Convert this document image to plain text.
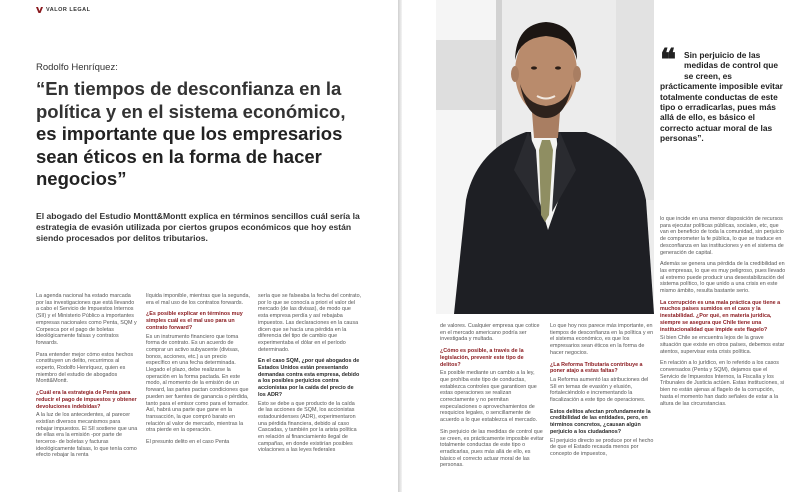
VALOR LEGAL
Rodolfo Henríquez:
“En tiempos de desconfianza en la política y en el sistema económico, es importante que los empresarios sean éticos en la forma de hacer negocios”

El abogado del Estudio Montt&Montt explica en términos sencillos cuál sería la estrategia de evasión utilizada por ciertos grupos económicos que hoy están siendo procesados por delitos tributarios.

La agenda nacional ha estado marcada por las investigaciones que está llevando a cabo el Servicio de Impuestos Internos (SII) y el Ministerio Público a importantes empresas nacionales como Penta, SQM y Corpesca por el pago de boletas ideológicamente falsas y contratos forwards.

Para entender mejor cómo estos hechos constituyen un delito, recurrimos al experto, Rodolfo Henríquez, quien es miembro del estudio de abogados Montt&Montt.

¿Cuál era la estrategia de Penta para reducir el pago de impuestos y obtener devoluciones indebidas?

A la luz de los antecedentes, al parecer existían diversos mecanismos para rebajar impuestos. El SII sostiene que una de ellas era la emisión -por parte de terceros- de boletas y facturas ideológicamente falsas, lo que tenía como efecto rebajar la renta

líquida imponible, mientras que la segunda, era el mal uso de los contratos forwards.

¿Es posible explicar en términos muy simples cuál es el mal uso para un contrato forward?

Es un instrumento financiero que toma forma de contrato. Es un acuerdo de comprar un activo subyacente (divisas, bonos, acciones, etc.) a un precio específico en una fecha determinada. Llegado el plazo, debe realizarse la operación en la forma pactada. En este modo, al momento de la emisión de un forward, las partes pactan condiciones que pueden ser fuentes de ganancia o pérdida, tanto para el emisor como para el tomador. Así, habrá una parte que gane en la transacción, la que compró barato en relación al valor de mercado, mientras la otra pierde en la operación.

El presunto delito en el caso Penta

sería que se falseaba la fecha del contrato, por lo que se conocía a priori el valor del mercado (de las divisas), de modo que esta empresa perdía y así rebajaba impuestos. Las declaraciones en la causa dicen que se hacía una pérdida en la diferencia del tipo de cambio que experimentaba el dólar en el período determinado.

En el caso SQM, ¿por qué abogados de Estados Unidos están presentando demandas contra esta empresa, debido a los posibles perjuicios contra accionistas por la caída del precio de los ADR?

Esto se debe a que producto de la caída de las acciones de SQM, los accionistas estadounidenses (ADR), experimentaron una pérdida financiera, debido al caso Cascadas, y también por la arista política en relación al financiamiento ilegal de campañas, en donde existirían posibles violaciones a las leyes federales

❝ Sin perjuicio de las medidas de control que se creen, es prácticamente imposible evitar totalmente conductas de este tipo o erradicarlas, pues más allá de ello, es básico el correcto actuar moral de las personas”.

de valores. Cualquier empresa que cotice en el mercado americano podría ser investigada y multada.

¿Cómo es posible, a través de la legislación, prevenir este tipo de delitos?

Es posible mediante un cambio a la ley, que prohíba este tipo de conductas, establezca controles que garanticen que estas operaciones se realizan correctamente y no permitan especulaciones o aprovechamientos de resquicios legales, o sencillamente de acuerdo a lo que establezca el mercado.

Sin perjuicio de las medidas de control que se creen, es prácticamente imposible evitar totalmente conductas de este tipo o erradicarlas, pues más allá de ello, es básico el correcto actuar moral de las personas.

Lo que hoy nos parece más importante, en tiempos de desconfianza en la política y en el sistema económico, es que los empresarios sean éticos en la forma de hacer negocios.

¿La Reforma Tributaria contribuye a poner atajo a estas faltas?

La Reforma aumentó las atribuciones del SII en temas de evasión y elusión, fortaleciéndolo e incrementando la fiscalización a este tipo de operaciones.

Estos delitos afectan profundamente la credibilidad de las entidades, pero, en términos concretos, ¿causan algún perjuicio a los ciudadanos?

El perjuicio directo se produce por el hecho de que el Estado recauda menos por concepto de impuestos,

lo que incide en una menor disposición de recursos para ejecutar políticas públicas, sociales, etc, que van en beneficio de toda la comunidad, sin perjuicio de comprometer la fe pública, lo que se traduce en desconfianza en las instituciones y en el sistema de generación de capital.

Además se genera una pérdida de la credibilidad en las empresas, lo que es muy peligroso, pues llevado al extremo puede producir una desestabilización del sistema político, lo que unido a una crisis en este mismo ámbito, resulta bastante serio.

La corrupción es una mala práctica que tiene a muchos países sumidos en el caos y la inestabilidad. ¿Por qué, en materia jurídica, siempre se asegura que Chile tiene una institucionalidad que impide este flagelo?

Si bien Chile se encuentra lejos de la grave situación que existe en otros países, debemos estar atentos, supervisar esta crisis política.

En relación a lo jurídico, en lo referido a los casos conversados (Penta y SQM), dejamos que el Servicio de Impuestos Internos, la Fiscalía y los Tribunales de Justicia actúen. Estas instituciones, si bien no están ajenas al flagelo de la corrupción, hasta el momento han dado señales de estar a la altura de las circunstancias.
